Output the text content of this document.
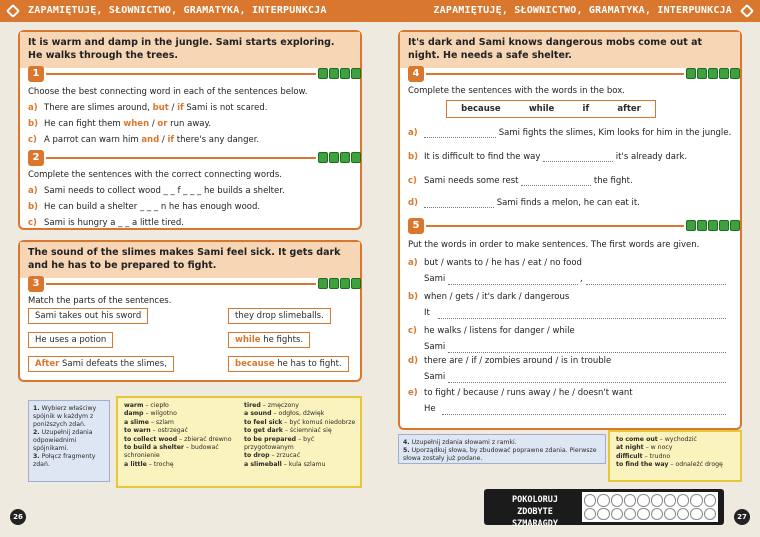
ZAPAMIĘTUJĘ, SŁOWNICTWO, GRAMATYKA, INTERPUNKCJA
It is warm and damp in the jungle. Sami starts exploring. He walks through the trees.
1
Choose the best connecting word in each of the sentences below.
a) There are slimes around, but / if Sami is not scared.
b) He can fight them when / or run away.
c) A parrot can warn him and / if there's any danger.
2
Complete the sentences with the correct connecting words.
a) Sami needs to collect wood _ _ f _ _ _ he builds a shelter.
b) He can build a shelter _ _ _ n he has enough wood.
c) Sami is hungry a _ _ a little tired.
The sound of the slimes makes Sami feel sick. It gets dark and he has to be prepared to fight.
3
Match the parts of the sentences.
Sami takes out his sword
He uses a potion
After Sami defeats the slimes,
they drop slimeballs.
while he fights.
because he has to fight.
1. Wybierz właściwy spójnik w każdym z poniższych zdań.
2. Uzupełnij zdania odpowiednimi spójnikami.
3. Połącz fragmenty zdań.
warm – ciepło
damp – wilgotno
a slime – szlam
to warn – ostrzegać
to collect wood – zbierać drewno
to build a shelter – budować schronienie
a little – trochę
tired – zmęczony
a sound – odgłos, dźwięk
to feel sick – być komuś niedobrze
to get dark – ściemniać się
to be prepared – być przygotowanym
to drop – zrzucać
a slimeball – kula szlamu
26
ZAPAMIĘTUJĘ, SŁOWNICTWO, GRAMATYKA, INTERPUNKCJA
It's dark and Sami knows dangerous mobs come out at night. He needs a safe shelter.
4
Complete the sentences with the words in the box.
because	while	if	after
a)	Sami fights the slimes, Kim looks for him in the jungle.
b) It is difficult to find the way	it's already dark.
c) Sami needs some rest	the fight.
d)	Sami finds a melon, he can eat it.
5
Put the words in order to make sentences. The first words are given.
a) but / wants to / he has / eat / no food
Sami	,
b) when / gets / it's dark / dangerous
It
c) he walks / listens for danger / while
Sami
d) there are / if / zombies around / is in trouble
Sami
e) to fight / because / runs away / he / doesn't want
He
4. Uzupełnij zdania słowami z ramki.
5. Uporządkuj słowa, by zbudować poprawne zdania. Pierwsze słowa zostały już podane.
to come out – wychodzić
at night – w nocy
difficult – trudno
to find the way – odnaleźć drogę
27
POKOLORUJ ZDOBYTE SZMARAGDY
